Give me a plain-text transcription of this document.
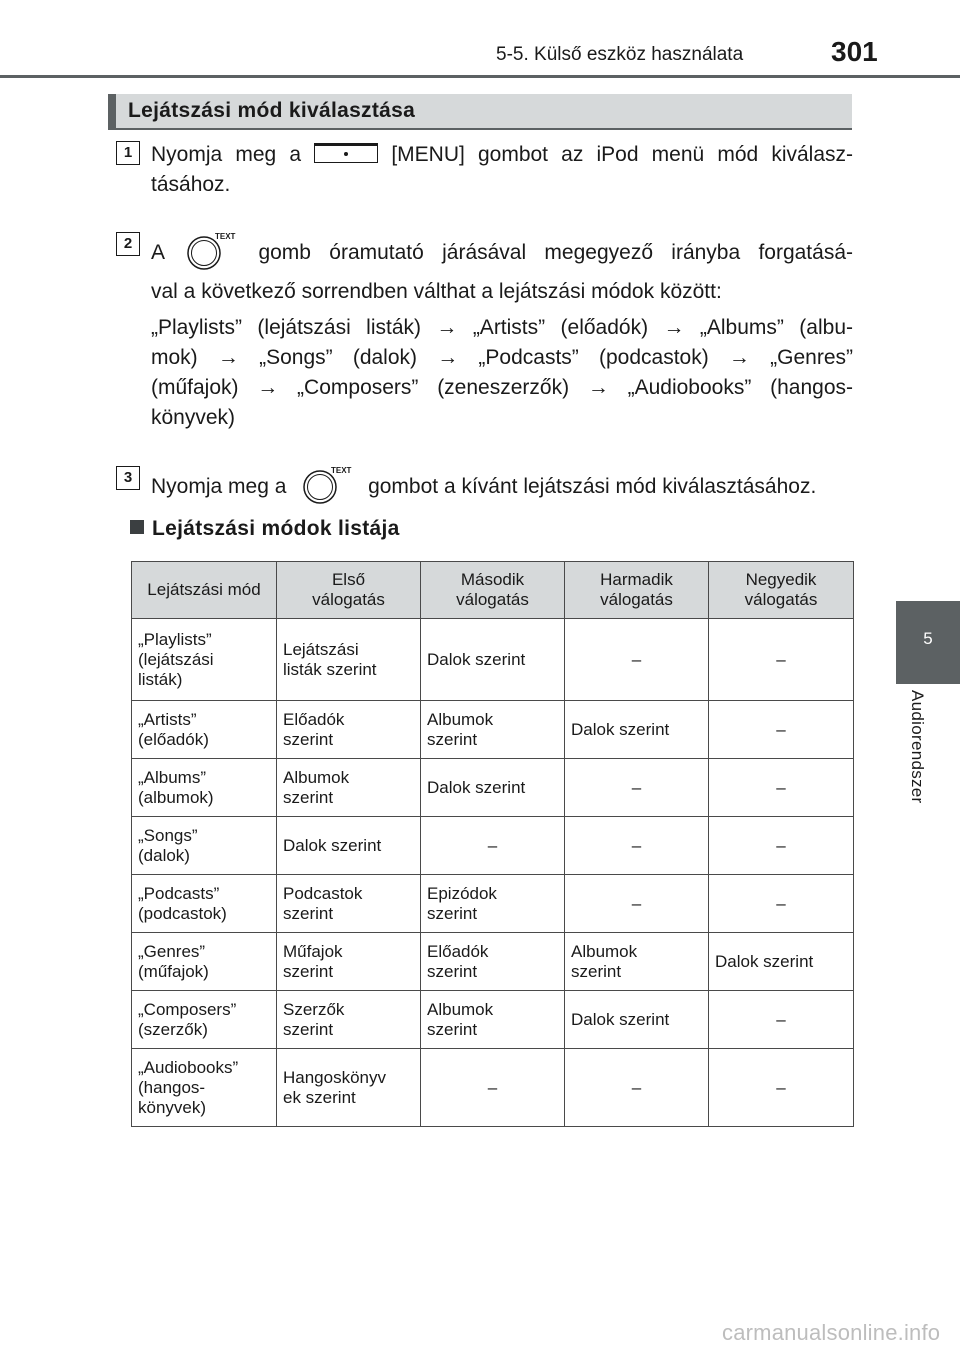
5-5. Külső eszköz használata	301
5
Audiorendszer
Lejátszási mód kiválasztása
1 Nyomja meg a	[MENU] gombot az iPod menü mód kiválasz-
tásához.
2 A
TEXT
gomb óramutató járásával megegyező irányba forgatásá-
val a következő sorrendben válthat a lejátszási módok között:
„Playlists” (lejátszási listák) → „Artists” (előadók) → „Albums” (albu-
mok) → „Songs” (dalok) → „Podcasts” (podcastok) → „Genres”
(műfajok) → „Composers” (zeneszerzők) → „Audiobooks” (hangos-
könyvek)
3 Nyomja meg a
TEXT
gombot a kívánt lejátszási mód kiválasztásához.
Lejátszási módok listája
Lejátszási mód	Első
válogatás	Második
válogatás	Harmadik
válogatás	Negyedik
válogatás
„Playlists”
(lejátszási
listák)	Lejátszási
listák szerint	Dalok szerint	–	–
„Artists”
(előadók)	Előadók
szerint	Albumok
szerint	Dalok szerint	–
„Albums”
(albumok)	Albumok
szerint	Dalok szerint	–	–
„Songs”
(dalok)	Dalok szerint	–	–	–
„Podcasts”
(podcastok)	Podcastok
szerint	Epizódok
szerint	–	–
„Genres”
(műfajok)	Műfajok
szerint	Előadók
szerint	Albumok
szerint	Dalok szerint
„Composers”
(szerzők)	Szerzők
szerint	Albumok
szerint	Dalok szerint	–
„Audiobooks”
(hangos-
könyvek)	Hangoskönyv
ek szerint	–	–	–
carmanualsonline.info
